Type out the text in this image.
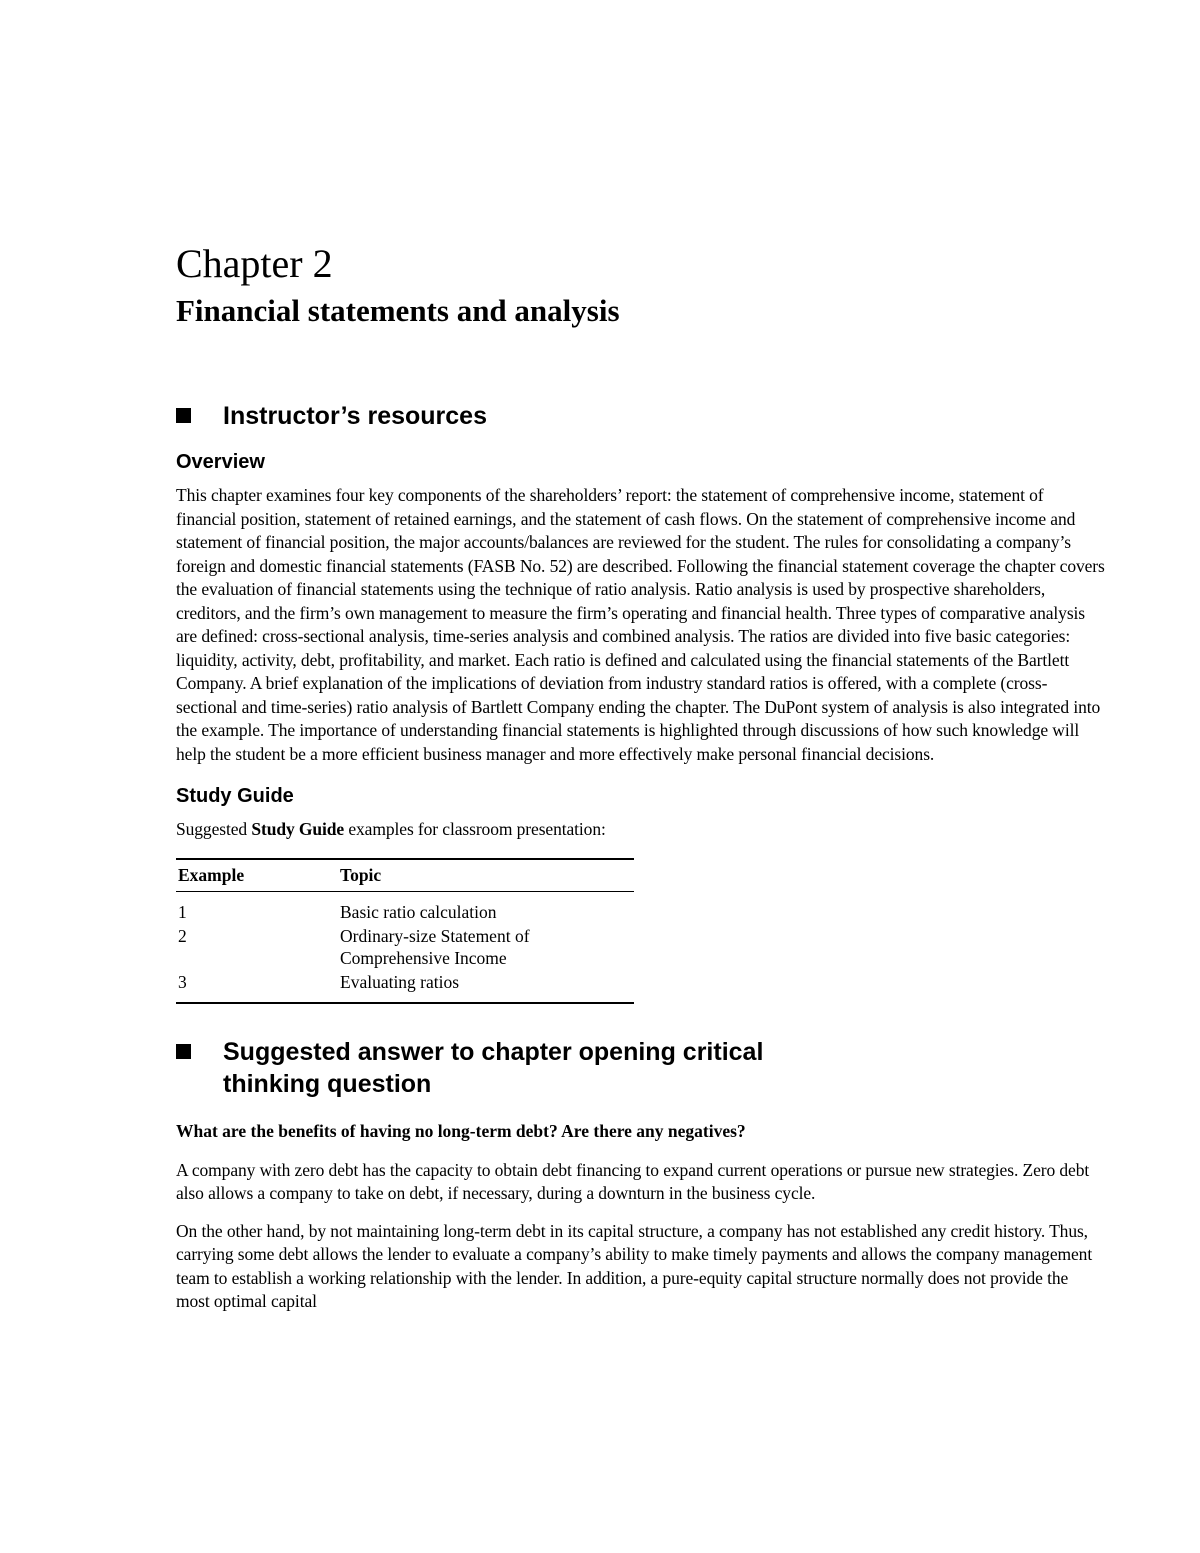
Chapter 2
Financial statements and analysis
Instructor’s resources
Overview

This chapter examines four key components of the shareholders’ report: the statement of comprehensive income, statement of financial position, statement of retained earnings, and the statement of cash flows. On the statement of comprehensive income and statement of financial position, the major accounts/balances are reviewed for the student. The rules for consolidating a company’s foreign and domestic financial statements (FASB No. 52) are described. Following the financial statement coverage the chapter covers the evaluation of financial statements using the technique of ratio analysis. Ratio analysis is used by prospective shareholders, creditors, and the firm’s own management to measure the firm’s operating and financial health. Three types of comparative analysis are defined: cross-sectional analysis, time-series analysis and combined analysis. The ratios are divided into five basic categories: liquidity, activity, debt, profitability, and market. Each ratio is defined and calculated using the financial statements of the Bartlett Company. A brief explanation of the implications of deviation from industry standard ratios is offered, with a complete (cross-sectional and time-series) ratio analysis of Bartlett Company ending the chapter. The DuPont system of analysis is also integrated into the example. The importance of understanding financial statements is highlighted through discussions of how such knowledge will help the student be a more efficient business manager and more effectively make personal financial decisions.

Study Guide

Suggested Study Guide examples for classroom presentation:

Example	Topic
1	Basic ratio calculation
2	Ordinary-size Statement of Comprehensive Income
3	Evaluating ratios
Suggested answer to chapter opening critical
thinking question

What are the benefits of having no long-term debt? Are there any negatives?

A company with zero debt has the capacity to obtain debt financing to expand current operations or pursue new strategies. Zero debt also allows a company to take on debt, if necessary, during a downturn in the business cycle.

On the other hand, by not maintaining long-term debt in its capital structure, a company has not established any credit history. Thus, carrying some debt allows the lender to evaluate a company’s ability to make timely payments and allows the company management team to establish a working relationship with the lender. In addition, a pure-equity capital structure normally does not provide the most optimal capital
